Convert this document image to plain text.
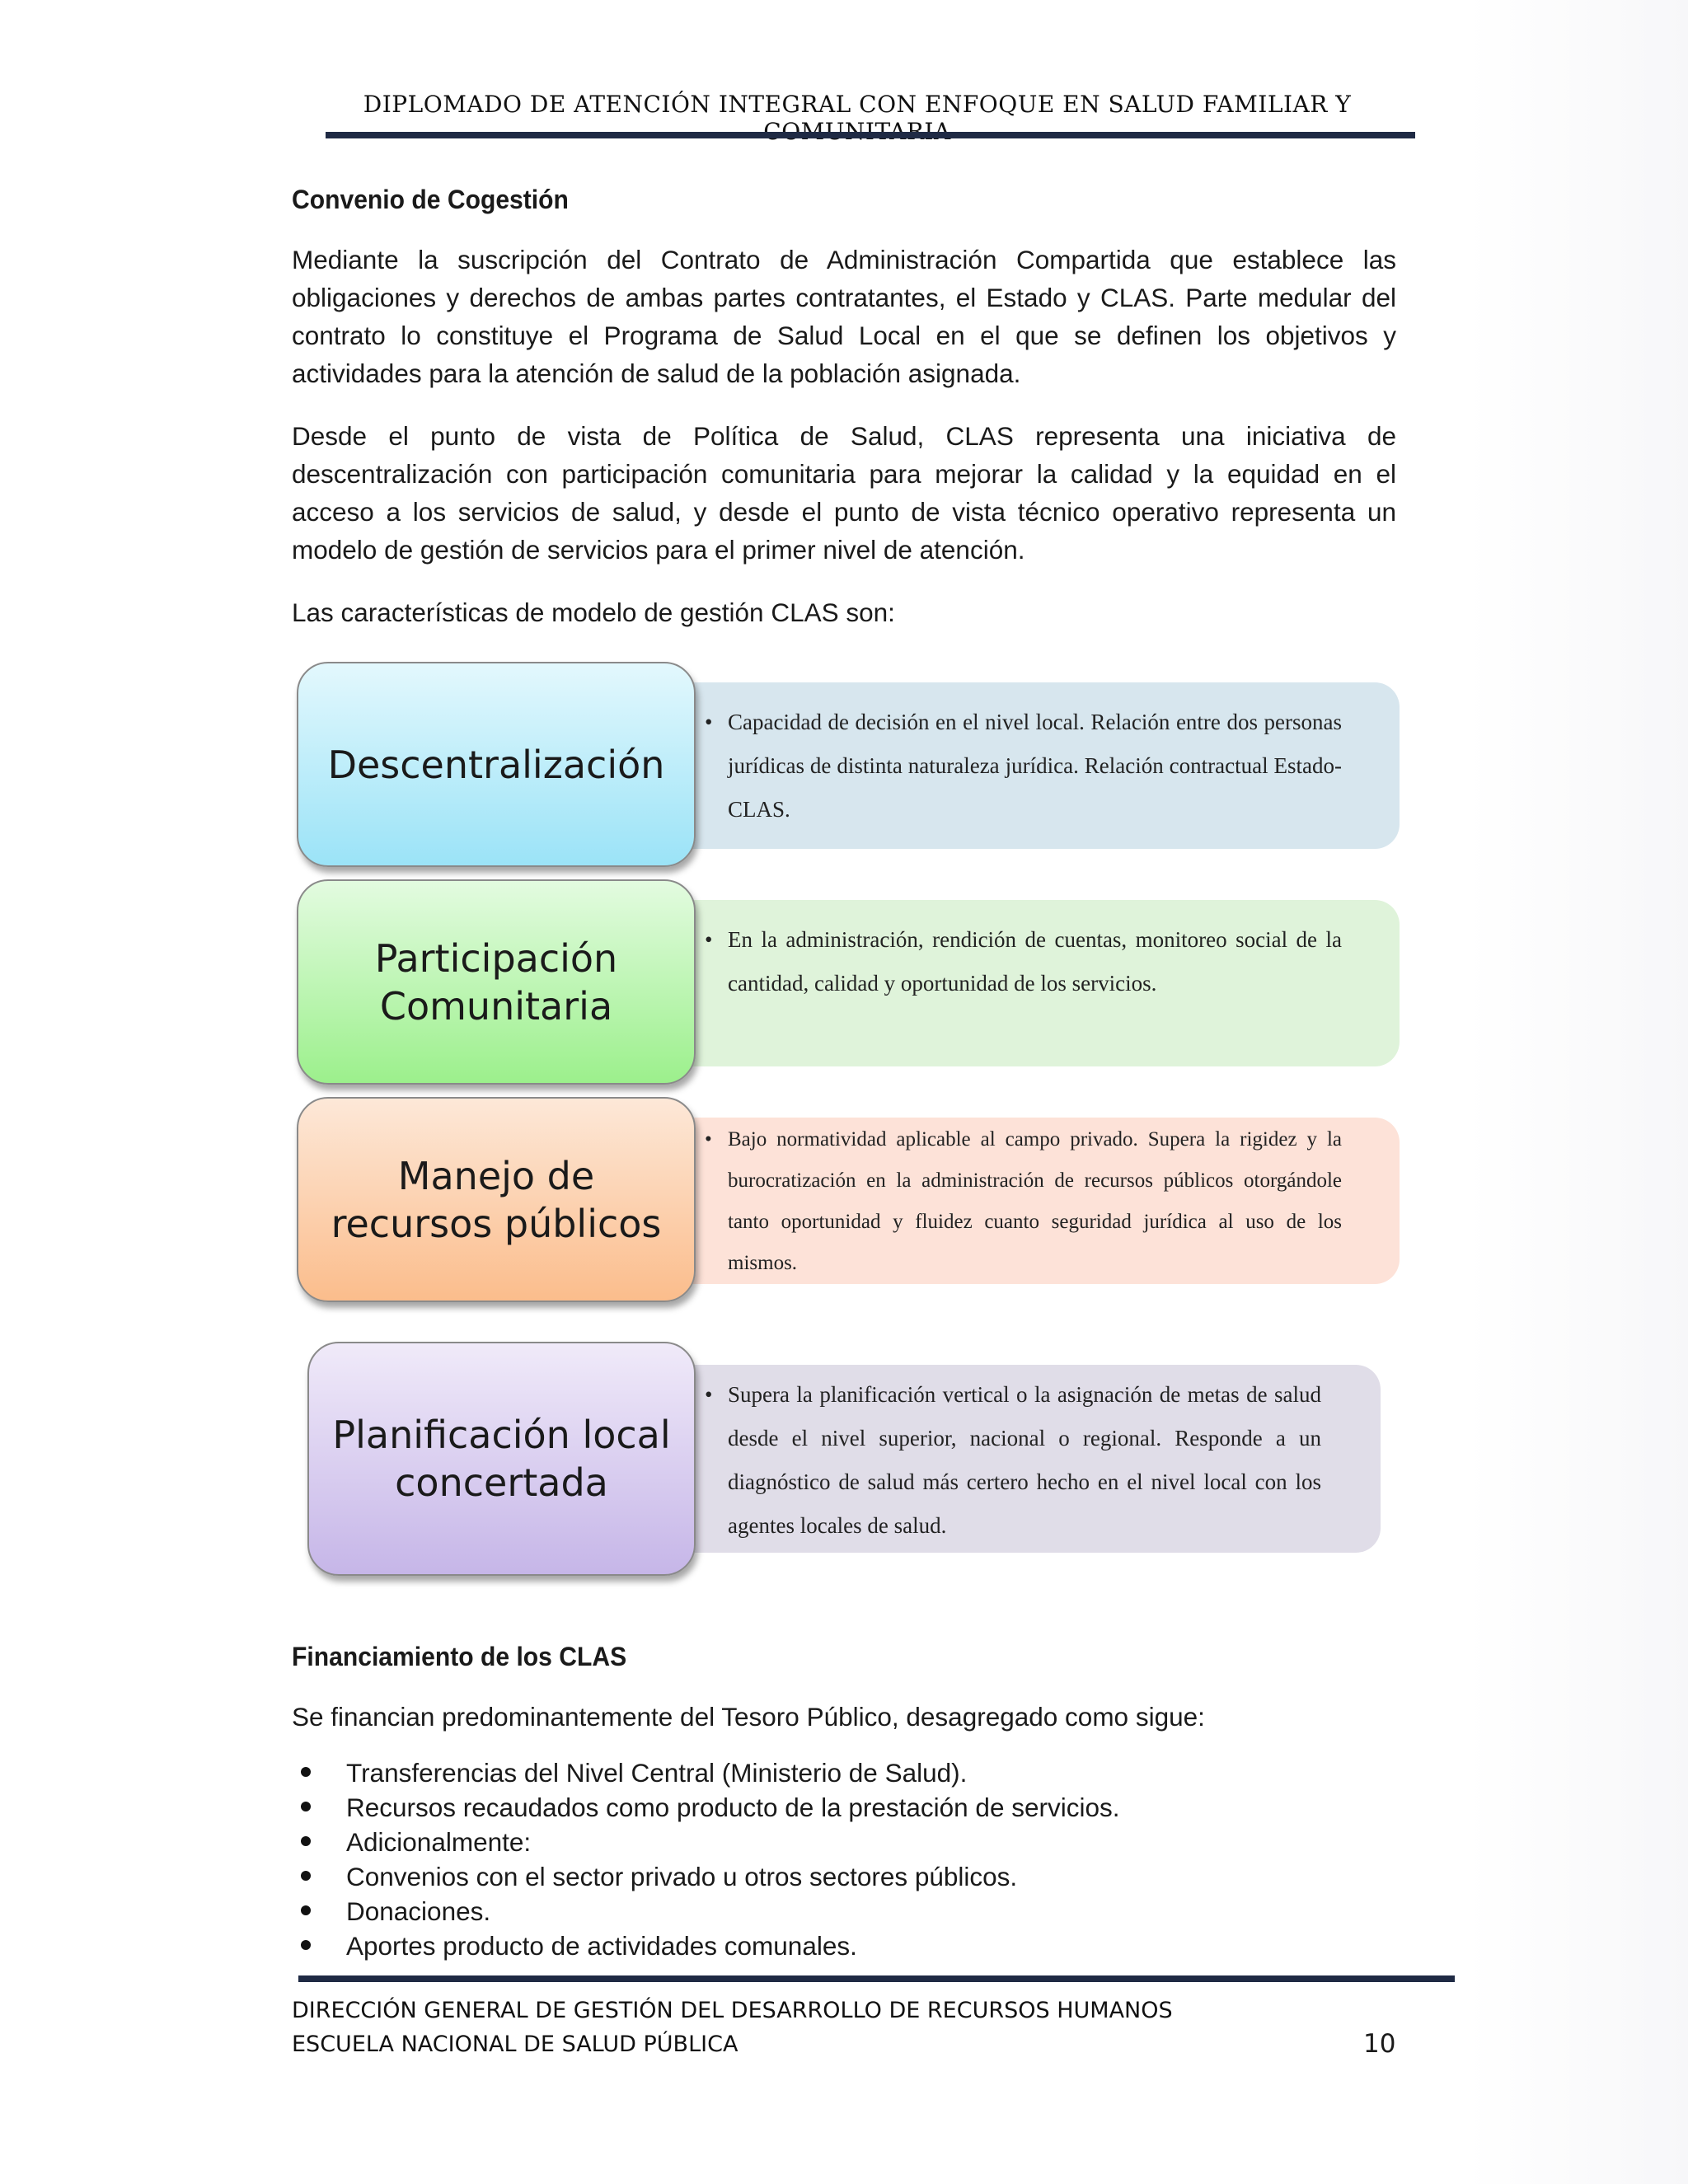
DIPLOMADO DE ATENCIÓN INTEGRAL CON ENFOQUE EN SALUD FAMILIAR Y
Convenio de Cogestión

Mediante la suscripción del Contrato de Administración Compartida que establece las obligaciones y derechos de ambas partes contratantes, el Estado y CLAS. Parte medular del contrato lo constituye el Programa de Salud Local en el que se definen los objetivos y actividades para la atención de salud de la población asignada.

Desde el punto de vista de Política de Salud, CLAS representa una iniciativa de descentralización con participación comunitaria para mejorar la calidad y la equidad en el acceso a los servicios de salud, y desde el punto de vista técnico operativo representa un modelo de gestión de servicios para el primer nivel de atención.

Las características de modelo de gestión CLAS son:

• Capacidad de decisión en el nivel local. Relación entre dos personas jurídicas de distinta naturaleza jurídica. Relación contractual Estado-CLAS.
Descentralización
• En la administración, rendición de cuentas, monitoreo social de la cantidad, calidad y oportunidad de los servicios.
Participación Comunitaria
• Bajo normatividad aplicable al campo privado. Supera la rigidez y la burocratización en la administración de recursos públicos otorgándole tanto oportunidad y fluidez cuanto seguridad jurídica al uso de los mismos.
Manejo de recursos públicos
• Supera la planificación vertical o la asignación de metas de salud desde el nivel superior, nacional o regional. Responde a un diagnóstico de salud más certero hecho en el nivel local con los agentes locales de salud.
Planificación local concertada
Financiamiento de los CLAS

Se financian predominantemente del Tesoro Público, desagregado como sigue:

Transferencias del Nivel Central (Ministerio de Salud).
Recursos recaudados como producto de la prestación de servicios.
Adicionalmente:
Convenios con el sector privado u otros sectores públicos.
Donaciones.
Aportes producto de actividades comunales.
DIRECCIÓN GENERAL DE GESTIÓN DEL DESARROLLO DE RECURSOS HUMANOS
ESCUELA NACIONAL DE SALUD PÚBLICA	10
